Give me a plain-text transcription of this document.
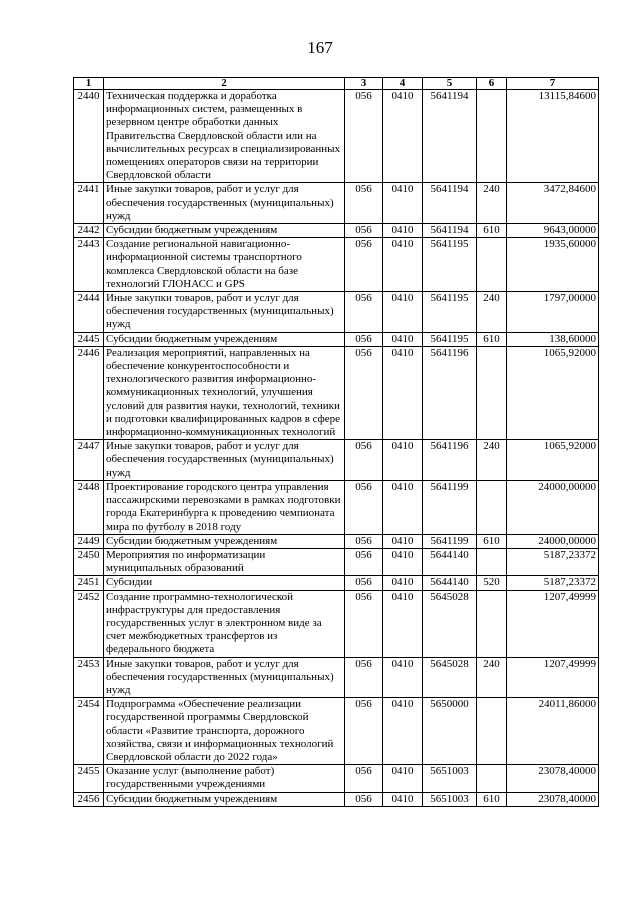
167
1	2	3	4	5	6	7
2440	Техническая поддержка и доработка информационных систем, размещенных в резервном центре обработки данных Правительства Свердловской области или на вычислительных ресурсах в специализированных помещениях операторов связи на территории Свердловской области	056	0410	5641194		13115,84600
2441	Иные закупки товаров, работ и услуг для обеспечения государственных (муниципальных) нужд	056	0410	5641194	240	3472,84600
2442	Субсидии бюджетным учреждениям	056	0410	5641194	610	9643,00000
2443	Создание региональной навигационно-информационной системы транспортного комплекса Свердловской области на базе технологий ГЛОНАСС и GPS	056	0410	5641195		1935,60000
2444	Иные закупки товаров, работ и услуг для обеспечения государственных (муниципальных) нужд	056	0410	5641195	240	1797,00000
2445	Субсидии бюджетным учреждениям	056	0410	5641195	610	138,60000
2446	Реализация мероприятий, направленных на обеспечение конкурентоспособности и технологического развития информационно-коммуникационных технологий, улучшения условий для развития науки, технологий, техники и подготовки квалифицированных кадров в сфере информационно-коммуникационных технологий	056	0410	5641196		1065,92000
2447	Иные закупки товаров, работ и услуг для обеспечения государственных (муниципальных) нужд	056	0410	5641196	240	1065,92000
2448	Проектирование городского центра управления пассажирскими перевозками в рамках подготовки города Екатеринбурга к проведению чемпионата мира по футболу в 2018 году	056	0410	5641199		24000,00000
2449	Субсидии бюджетным учреждениям	056	0410	5641199	610	24000,00000
2450	Мероприятия по информатизации муниципальных образований	056	0410	5644140		5187,23372
2451	Субсидии	056	0410	5644140	520	5187,23372
2452	Создание программно-технологической инфраструктуры для предоставления государственных услуг в электронном виде за счет межбюджетных трансфертов из федерального бюджета	056	0410	5645028		1207,49999
2453	Иные закупки товаров, работ и услуг для обеспечения государственных (муниципальных) нужд	056	0410	5645028	240	1207,49999
2454	Подпрограмма «Обеспечение реализации государственной программы Свердловской области «Развитие транспорта, дорожного хозяйства, связи и информационных технологий Свердловской области до 2022 года»	056	0410	5650000		24011,86000
2455	Оказание услуг (выполнение работ) государственными учреждениями	056	0410	5651003		23078,40000
2456	Субсидии бюджетным учреждениям	056	0410	5651003	610	23078,40000
